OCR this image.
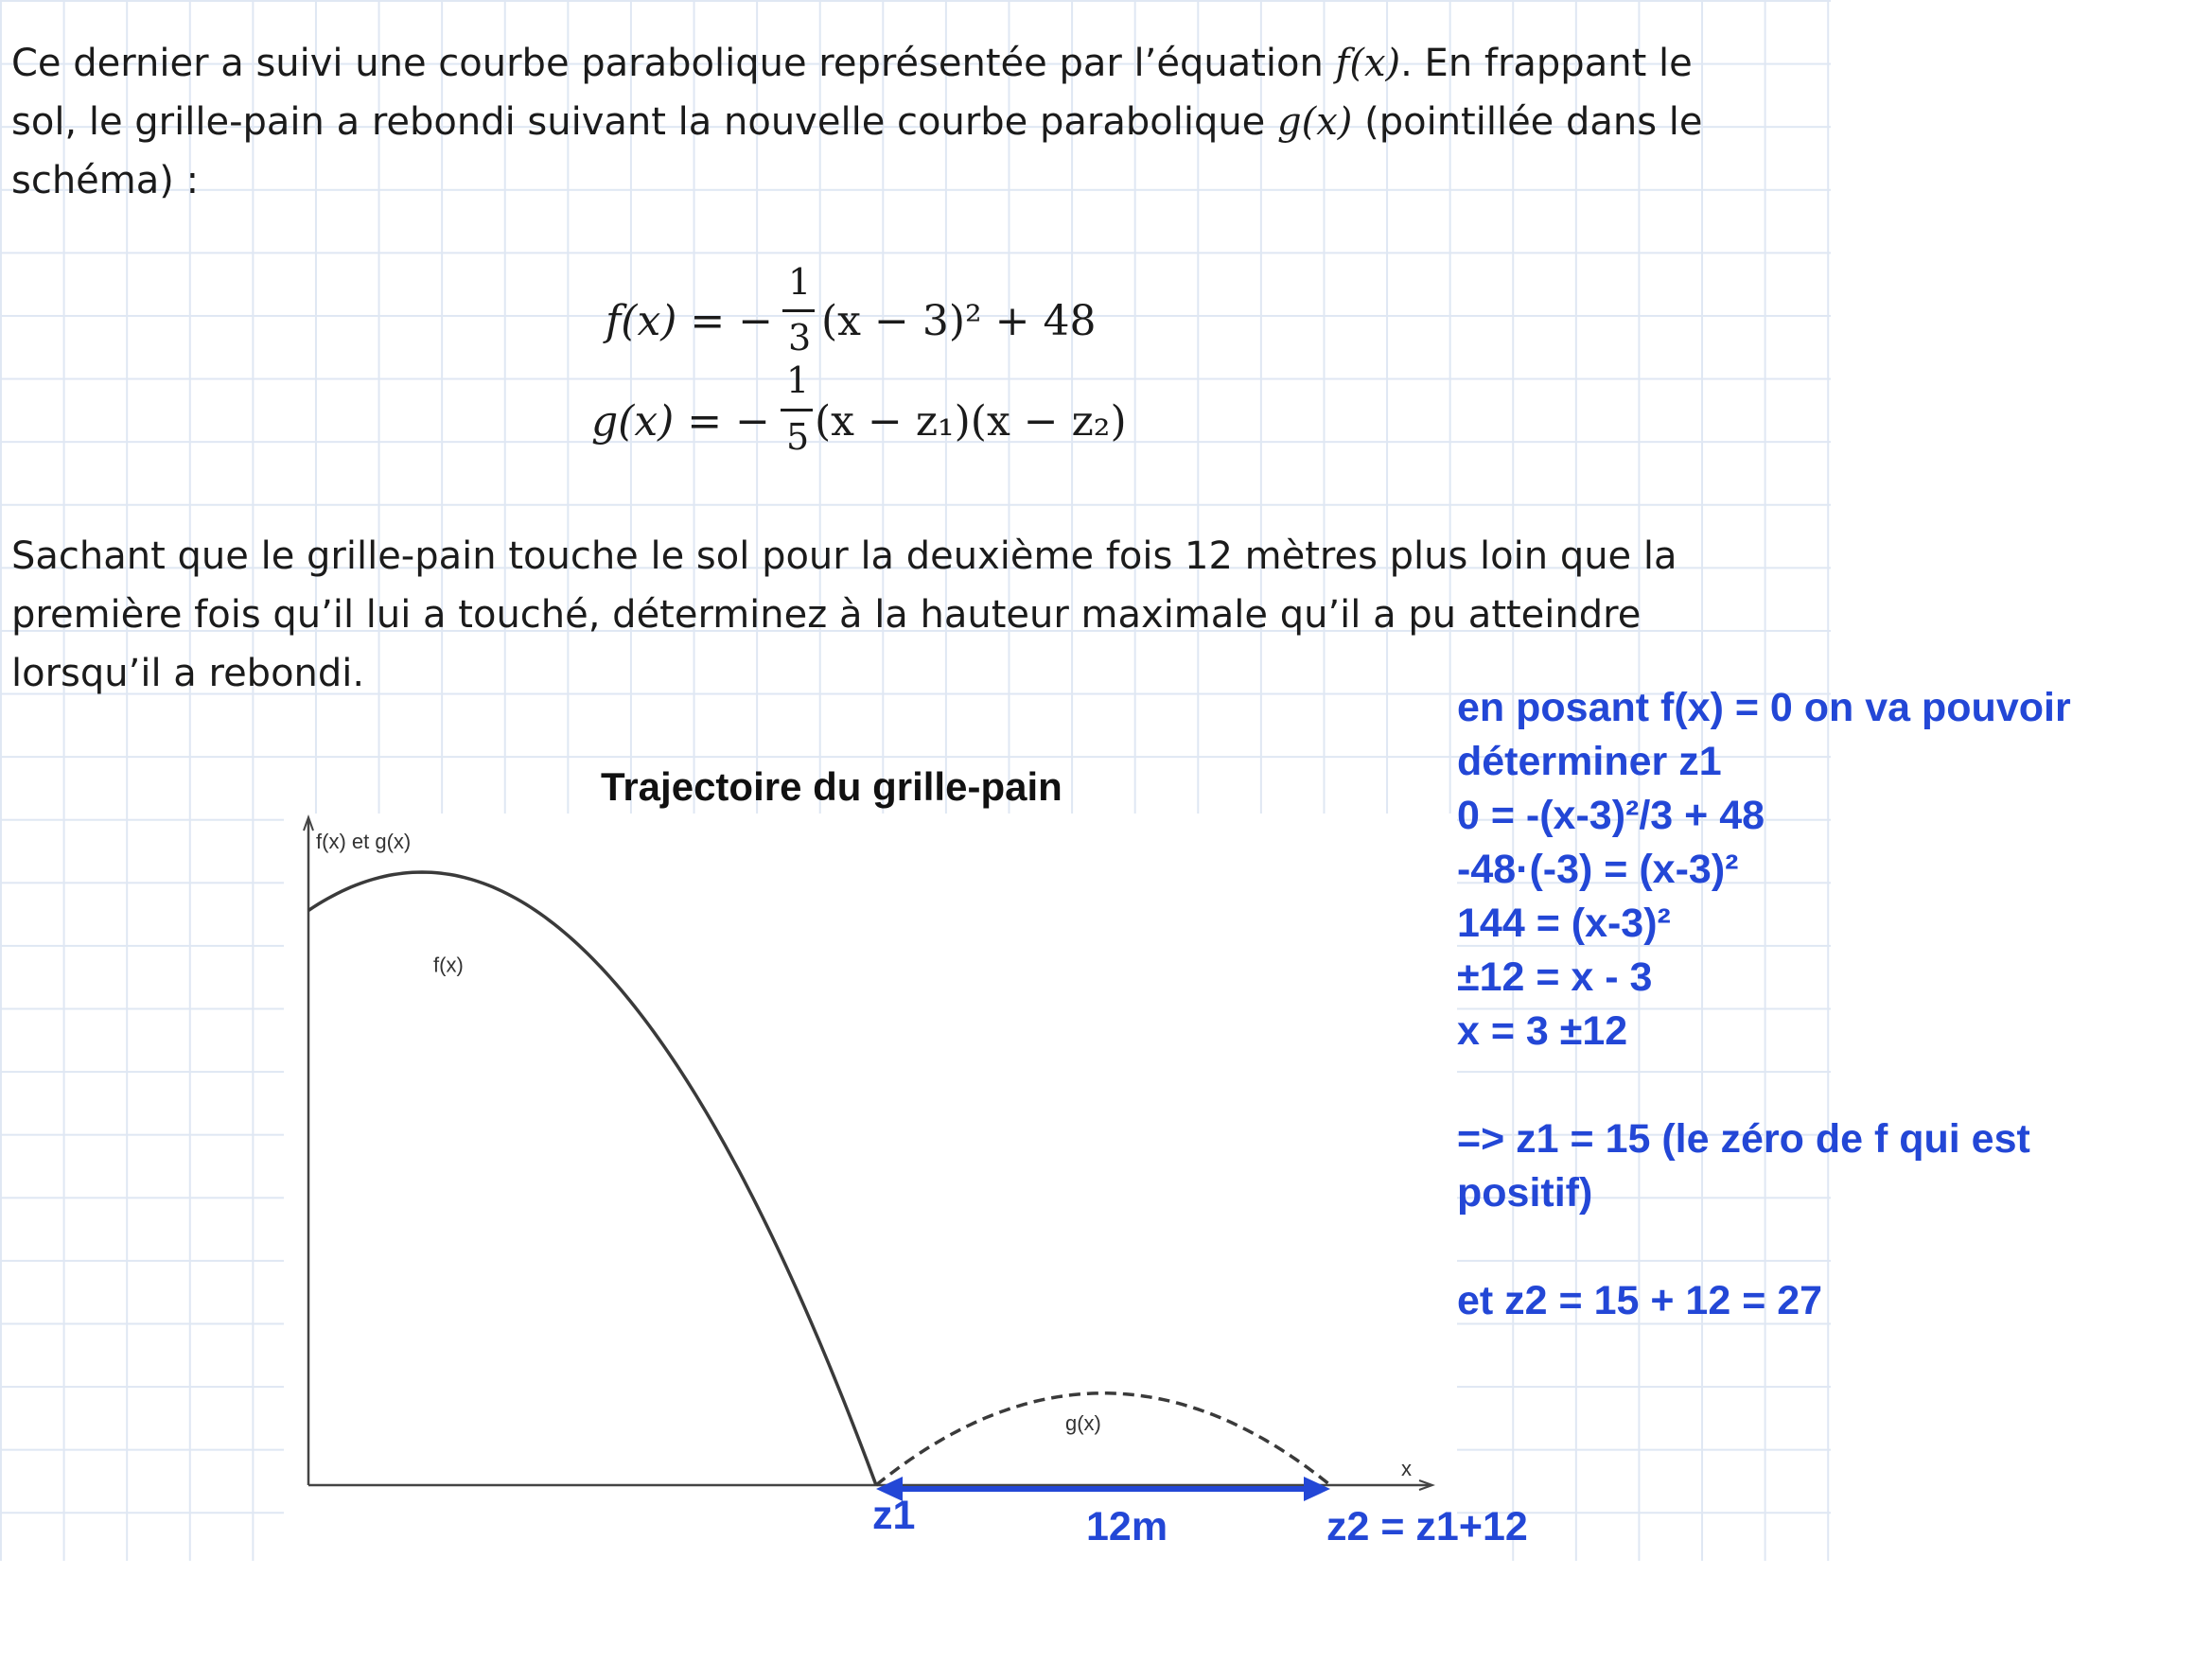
Ce dernier a suivi une courbe parabolique représentée par l’équation f(x). En frappant le sol, le grille-pain a rebondi suivant la nouvelle courbe parabolique g(x) (pointillée dans le schéma) :

f(x) = −
1
3 (x − 3)² + 48
g(x) = −
1
5 (x − z₁)(x − z₂)

Sachant que le grille-pain touche le sol pour la deuxième fois 12 mètres plus loin que la première fois qu’il lui a touché, déterminez à la hauteur maximale qu’il a pu atteindre lorsqu’il a rebondi.

Trajectoire du grille-pain
f(x) et g(x)
x
f(x)
g(x)
z1	12m	z2 = z1+12
en posant f(x) = 0 on va pouvoir
déterminer z1
0 = -(x-3)²/3 + 48
-48·(-3) = (x-3)²
144 = (x-3)²
±12 = x - 3
x = 3 ±12
=> z1 = 15 (le zéro de f qui est
positif)
et z2 = 15 + 12 = 27
